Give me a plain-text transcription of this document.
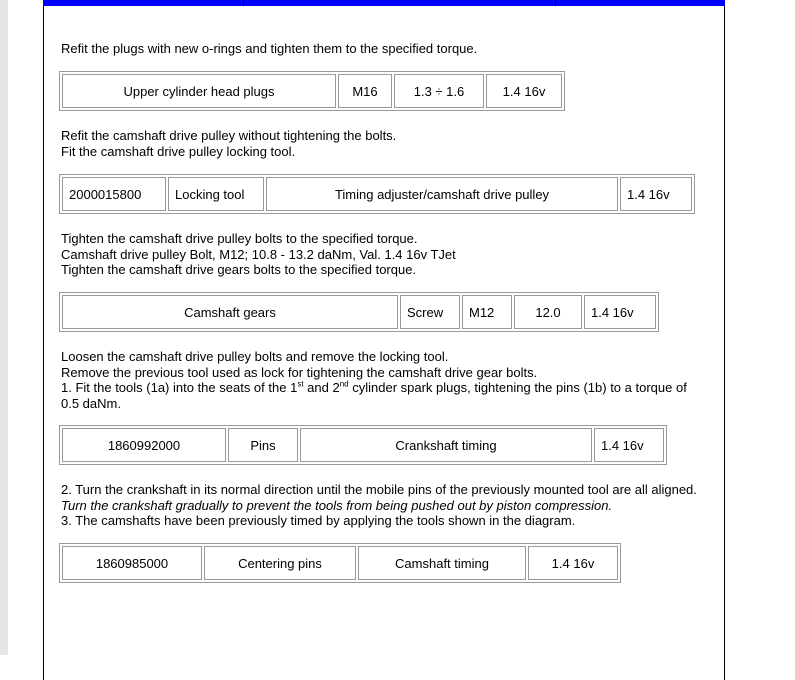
Refit the plugs with new o-rings and tighten them to the specified torque.
Upper cylinder head plugs	M16	1.3 ÷ 1.6	1.4 16v
Refit the camshaft drive pulley without tightening the bolts.
Fit the camshaft drive pulley locking tool.
2000015800	Locking tool	Timing adjuster/camshaft drive pulley	1.4 16v
Tighten the camshaft drive pulley bolts to the specified torque.
Camshaft drive pulley Bolt, M12; 10.8 - 13.2 daNm, Val. 1.4 16v TJet
Tighten the camshaft drive gears bolts to the specified torque.
Camshaft gears	Screw	M12	12.0	1.4 16v
Loosen the camshaft drive pulley bolts and remove the locking tool.
Remove the previous tool used as lock for tightening the camshaft drive gear bolts.
1. Fit the tools (1a) into the seats of the 1st and 2nd cylinder spark plugs, tightening the pins (1b) to a torque of
0.5 daNm.
1860992000	Pins	Crankshaft timing	1.4 16v
2. Turn the crankshaft in its normal direction until the mobile pins of the previously mounted tool are all aligned.
Turn the crankshaft gradually to prevent the tools from being pushed out by piston compression.
3. The camshafts have been previously timed by applying the tools shown in the diagram.
1860985000	Centering pins	Camshaft timing	1.4 16v
